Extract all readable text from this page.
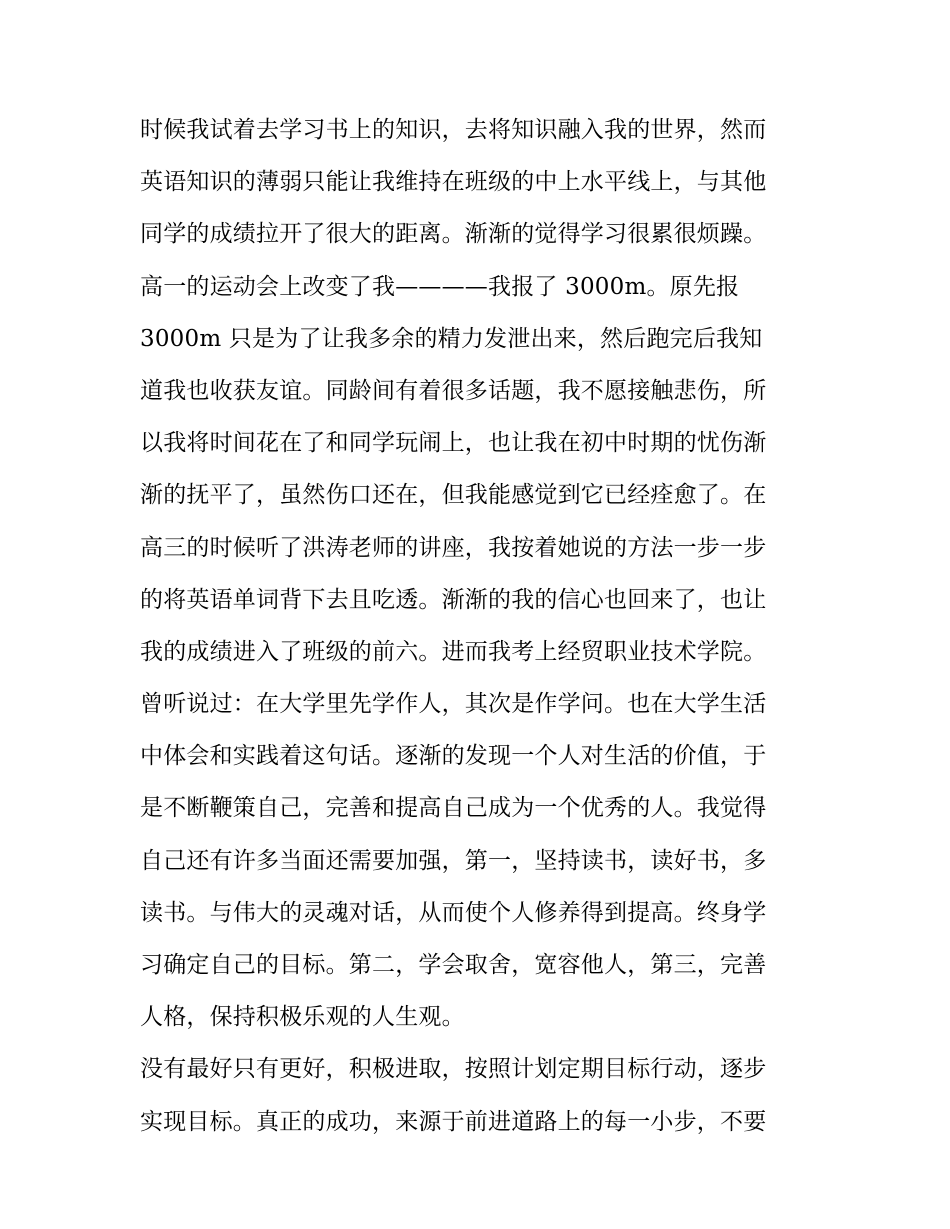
时候我试着去学习书上的知识，去将知识融入我的世界，然而
英语知识的薄弱只能让我维持在班级的中上水平线上，与其他
同学的成绩拉开了很大的距离。渐渐的觉得学习很累很烦躁。
高一的运动会上改变了我————我报了 3000m。原先报
3000m 只是为了让我多余的精力发泄出来，然后跑完后我知
道我也收获友谊。同龄间有着很多话题，我不愿接触悲伤，所
以我将时间花在了和同学玩闹上，也让我在初中时期的忧伤渐
渐的抚平了，虽然伤口还在，但我能感觉到它已经痊愈了。在
高三的时候听了洪涛老师的讲座，我按着她说的方法一步一步
的将英语单词背下去且吃透。渐渐的我的信心也回来了，也让
我的成绩进入了班级的前六。进而我考上经贸职业技术学院。
曾听说过：在大学里先学作人，其次是作学问。也在大学生活
中体会和实践着这句话。逐渐的发现一个人对生活的价值，于
是不断鞭策自己，完善和提高自己成为一个优秀的人。我觉得
自己还有许多当面还需要加强，第一，坚持读书，读好书，多
读书。与伟大的灵魂对话，从而使个人修养得到提高。终身学
习确定自己的目标。第二，学会取舍，宽容他人，第三，完善
人格，保持积极乐观的人生观。
没有最好只有更好，积极进取，按照计划定期目标行动，逐步
实现目标。真正的成功，来源于前进道路上的每一小步，不要
